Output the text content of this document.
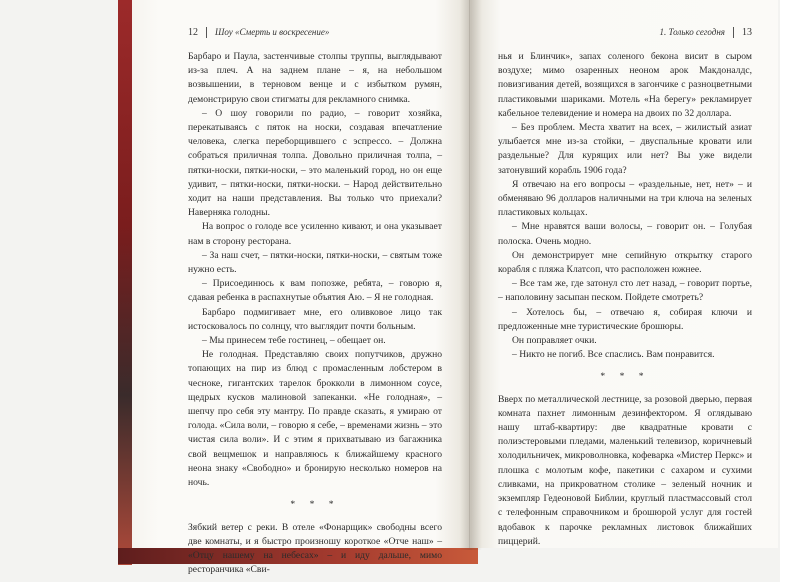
12 Шоу «Смерть и воскресение»

Барбаро и Паула, застенчивые столпы труппы, выглядывают из-за плеч. А на заднем плане – я, на небольшом возвышении, в терновом венце и с избытком румян, демонстрирую свои стигматы для рекламного снимка.

– О шоу говорили по радио, – говорит хозяйка, перекатываясь с пяток на носки, создавая впечатление человека, слегка переборщившего с эспрессо. – Должна собраться приличная толпа. Довольно приличная толпа, – пятки-носки, пятки-носки, – это маленький город, но он еще удивит, – пятки-носки, пятки-носки. – Народ действительно ходит на наши представления. Вы только что приехали? Наверняка голодны.

На вопрос о голоде все усиленно кивают, и она указывает нам в сторону ресторана.

– За наш счет, – пятки-носки, пятки-носки, – святым тоже нужно есть.

– Присоединюсь к вам попозже, ребята, – говорю я, сдавая ребенка в распахнутые объятия Аю. – Я не голодная.

Барбаро подмигивает мне, его оливковое лицо так истосковалось по солнцу, что выглядит почти больным.

– Мы принесем тебе гостинец, – обещает он.

Не голодная. Представляю своих попутчиков, дружно топающих на пир из блюд с промасленным лобстером в чесноке, гигантских тарелок брокколи в лимонном соусе, щедрых кусков малиновой запеканки. «Не голодная», – шепчу про себя эту мантру. По правде сказать, я умираю от голода. «Сила воли, – говорю я себе, – временами жизнь – это чистая сила воли». И с этим я прихватываю из багажника свой вещмешок и направляюсь к ближайшему красного неона знаку «Свободно» и бронирую несколько номеров на ночь.

* * *

Зябкий ветер с реки. В отеле «Фонарщик» свободны всего две комнаты, и я быстро произношу короткое «Отче наш» – «Отцу нашему на небесах» – и иду дальше, мимо ресторанчика «Сви-

1. Только сегодня 13

нья и Блинчик», запах соленого бекона висит в сыром воздухе; мимо озаренных неоном арок Макдоналдс, повизгивания детей, возящихся в загончике с разноцветными пластиковыми шариками. Мотель «На берегу» рекламирует кабельное телевидение и номера на двоих по 32 доллара.

– Без проблем. Места хватит на всех, – жилистый азиат улыбается мне из-за стойки, – двуспальные кровати или раздельные? Для курящих или нет? Вы уже видели затонувший корабль 1906 года?

Я отвечаю на его вопросы – «раздельные, нет, нет» – и обменяваю 96 долларов наличными на три ключа на зеленых пластиковых кольцах.

– Мне нравятся ваши волосы, – говорит он. – Голубая полоска. Очень модно.

Он демонстрирует мне сепийную открытку старого корабля с пляжа Клатсоп, что расположен южнее.

– Все там же, где затонул сто лет назад, – говорит портье, – наполовину засыпан песком. Пойдете смотреть?

– Хотелось бы, – отвечаю я, собирая ключи и предложенные мне туристические брошюры.

Он поправляет очки.

– Никто не погиб. Все спаслись. Вам понравится.

* * *

Вверх по металлической лестнице, за розовой дверью, первая комната пахнет лимонным дезинфектором. Я оглядываю нашу штаб-квартиру: две квадратные кровати с полиэстеровыми пледами, маленький телевизор, коричневый холодильничек, микроволновка, кофеварка «Мистер Перкс» и плошка с молотым кофе, пакетики с сахаром и сухими сливками, на прикроватном столике – зеленый ночник и экземпляр Гедеоновой Библии, круглый пластмассовый стол с телефонным справочником и брошюрой услуг для гостей вдобавок к парочке рекламных листовок ближайших пиццерий.
